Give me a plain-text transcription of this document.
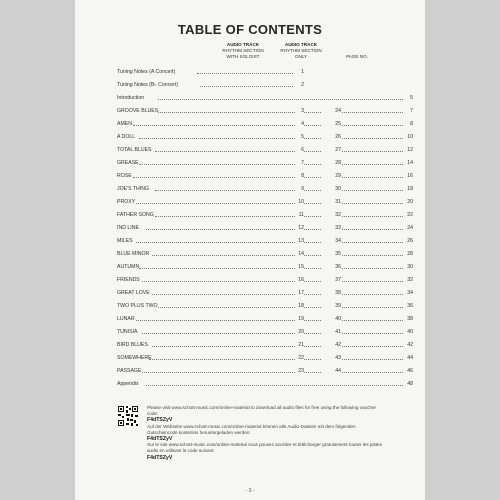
TABLE OF CONTENTS
AUDIO TRACK
RHYTHM SECTION
WITH SOLOIST
AUDIO TRACK
RHYTHM SECTION
ONLY	PAGE NO.
Tuning Notes (A Concert)	1
Tuning Notes (B♭ Concert)	2
Introduction	5
GROOVE BLUES	3	24	7
AMEN	4	25	8
A DOLL	5	26	10
TOTAL BLUES	6	27	12
GREASE	7	28	14
ROSE	8	29	16
JOE'S THING	9	30	18
PROXY	10	31	20
FATHER SONG	11	32	22
IND LINE	12	33	24
MILES	13	34	26
BLUE MINOR	14	35	28
AUTUMN	15	36	30
FRIENDS	16	37	32
GREAT LOVE	17	38	34
TWO PLUS TWO	18	39	36
LUNAR	19	40	38
TUNISIA	20	41	40
BIRD BLUES	21	42	42
SOMEWHERE	22	43	44
PASSAGE	23	44	46
Appendix	48

Please visit www.schott-music.com/online-material to download all audio files for free using the following voucher code:

F4dTSZyV

Auf der Webseite www.schott-music.com/online-material können alle Audio-Dateien mit dem folgenden Gutscheincode kostenlos heruntergeladen werden:

F4dTSZyV

Sur le site www.schott-music.com/online-material vous pouvez accéder et télécharger gratuitement toutes les pistes audio en utilisant le code suivant:

F4dTSZyV

- 3 -
